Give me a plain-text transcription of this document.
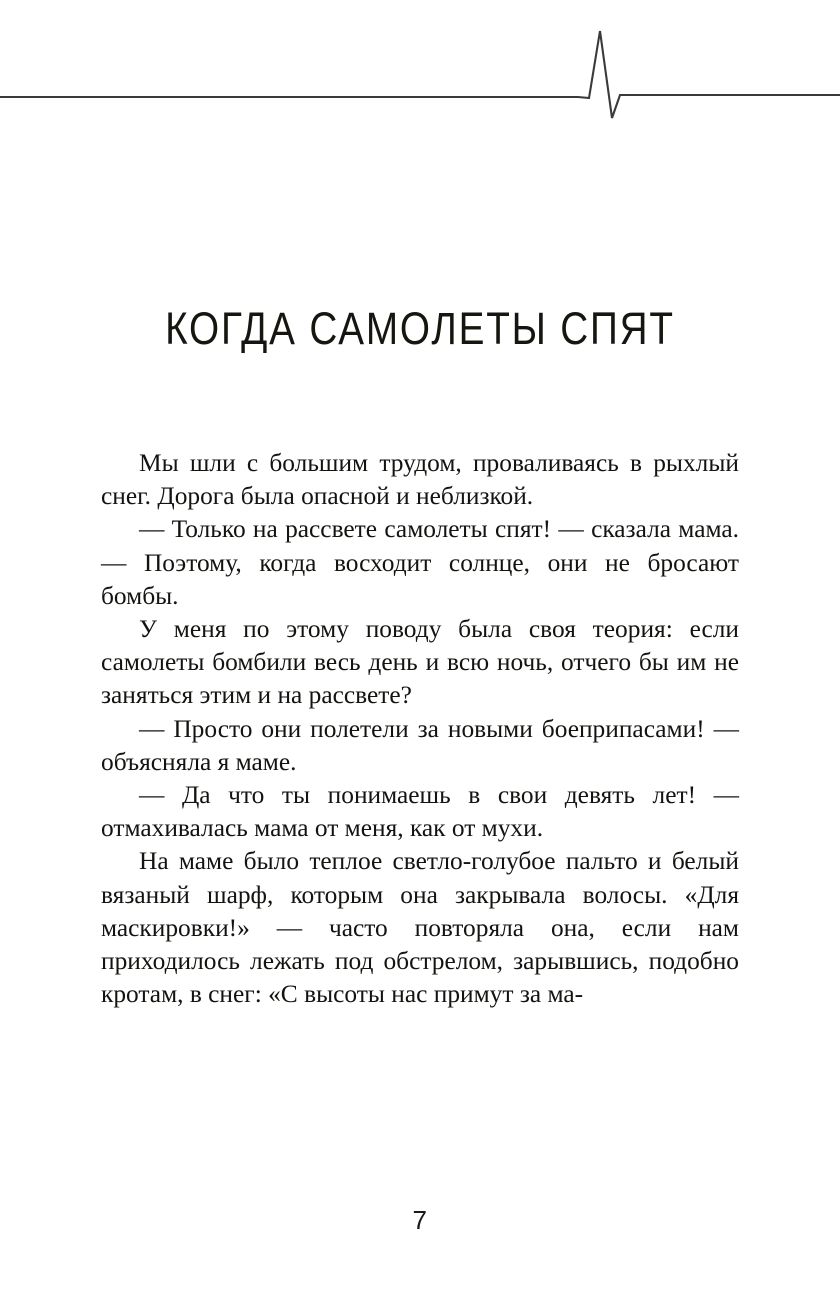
КОГДА САМОЛЕТЫ СПЯТ

Мы шли с большим трудом, проваливаясь в рыхлый снег. Дорога была опасной и неблизкой.

— Только на рассвете самолеты спят! — сказала мама. — Поэтому, когда восходит солнце, они не бросают бомбы.

У меня по этому поводу была своя теория: если самолеты бомбили весь день и всю ночь, отчего бы им не заняться этим и на рассвете?

— Просто они полетели за новыми боеприпасами! — объясняла я маме.

— Да что ты понимаешь в свои девять лет! — отмахивалась мама от меня, как от мухи.

На маме было теплое светло-голубое пальто и белый вязаный шарф, которым она закрывала волосы. «Для маскировки!» — часто повторяла она, если нам приходилось лежать под обстрелом, зарывшись, подобно кротам, в снег: «С высоты нас примут за ма-

7
